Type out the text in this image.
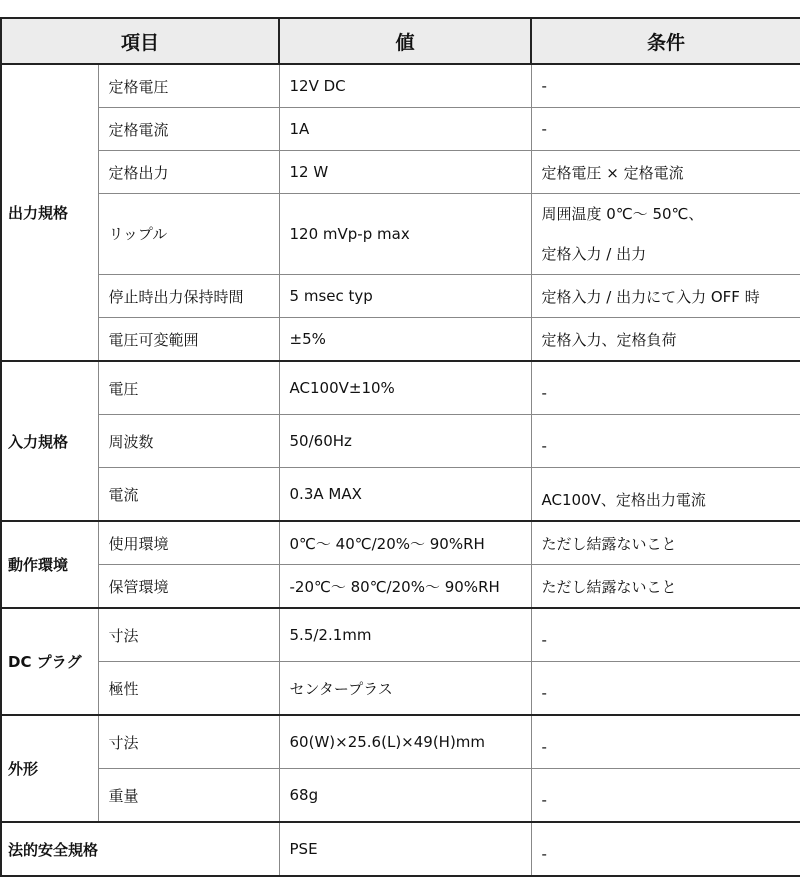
項目		値	条件
出力規格	定格電圧	12V DC	-
	定格電流	1A	-
	定格出力	12 W	定格電圧 × 定格電流
	リップル	120 mVp-p max	周囲温度 0℃～ 50℃、
定格入力 / 出力

	停止時出力保持時間	5 msec typ	定格入力 / 出力にて入力 OFF 時
	電圧可変範囲	±5%	定格入力、定格負荷
入力規格	電圧	AC100V±10%	-
	周波数	50/60Hz	-
	電流	0.3A MAX	AC100V、定格出力電流
動作環境	使用環境	0℃～ 40℃/20%～ 90%RH	ただし結露ないこと
	保管環境	-20℃～ 80℃/20%～ 90%RH	ただし結露ないこと
DC プラグ	寸法	5.5/2.1mm	-
	極性	センタープラス	-
外形	寸法	60(W)×25.6(L)×49(H)mm	-
	重量	68g	-
法的安全規格		PSE	-
